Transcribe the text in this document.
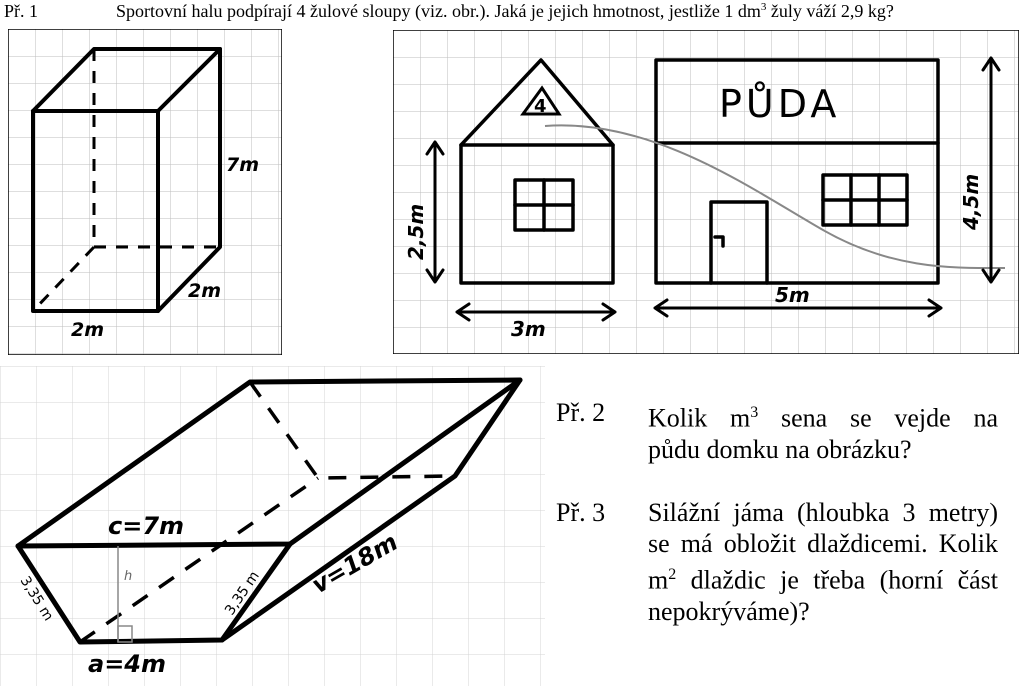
Př. 1	Sportovní halu podpírají 4 žulové sloupy (viz. obr.). Jaká je jejich hmotnost, jestliže 1 $dm^3$ žuly váží 2,9 kg?
7m
2m
2m
4	PŮDA
2,5m
4,5m
3m
5m
h
c=7m
a=4m
v=18m
3,35 m	3,35 m
Př. 2 Kolik $m^3$ sena se vejde na
půdu domku na obrázku?
Př. 3 Silážní jáma (hloubka 3 metry) se má obložit dlaždicemi. Kolik $m^2$ dlaždic je třeba (horní část nepokrýváme)?
